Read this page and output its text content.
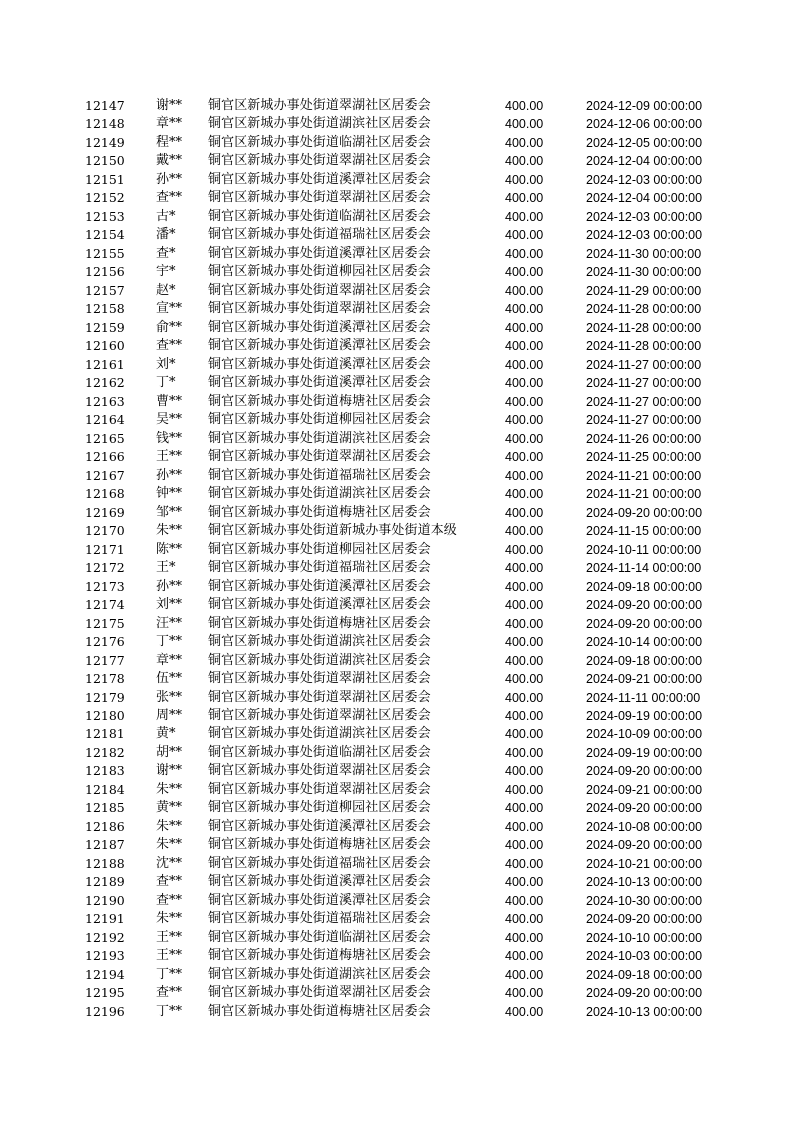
12147 谢** 铜官区新城办事处街道翠湖社区居委会	400.00	2024-12-09 00:00:00
12148 章** 铜官区新城办事处街道湖滨社区居委会	400.00	2024-12-06 00:00:00
12149 程** 铜官区新城办事处街道临湖社区居委会	400.00	2024-12-05 00:00:00
12150 戴** 铜官区新城办事处街道翠湖社区居委会	400.00	2024-12-04 00:00:00
12151 孙** 铜官区新城办事处街道溪潭社区居委会	400.00	2024-12-03 00:00:00
12152 查** 铜官区新城办事处街道翠湖社区居委会	400.00	2024-12-04 00:00:00
12153 古* 铜官区新城办事处街道临湖社区居委会	400.00	2024-12-03 00:00:00
12154 潘* 铜官区新城办事处街道福瑞社区居委会	400.00	2024-12-03 00:00:00
12155 查* 铜官区新城办事处街道溪潭社区居委会	400.00	2024-11-30 00:00:00
12156 宇* 铜官区新城办事处街道柳园社区居委会	400.00	2024-11-30 00:00:00
12157 赵* 铜官区新城办事处街道翠湖社区居委会	400.00	2024-11-29 00:00:00
12158 宣** 铜官区新城办事处街道翠湖社区居委会	400.00	2024-11-28 00:00:00
12159 俞** 铜官区新城办事处街道溪潭社区居委会	400.00	2024-11-28 00:00:00
12160 查** 铜官区新城办事处街道溪潭社区居委会	400.00	2024-11-28 00:00:00
12161 刘* 铜官区新城办事处街道溪潭社区居委会	400.00	2024-11-27 00:00:00
12162 丁* 铜官区新城办事处街道溪潭社区居委会	400.00	2024-11-27 00:00:00
12163 曹** 铜官区新城办事处街道梅塘社区居委会	400.00	2024-11-27 00:00:00
12164 吴** 铜官区新城办事处街道柳园社区居委会	400.00	2024-11-27 00:00:00
12165 钱** 铜官区新城办事处街道湖滨社区居委会	400.00	2024-11-26 00:00:00
12166 王** 铜官区新城办事处街道翠湖社区居委会	400.00	2024-11-25 00:00:00
12167 孙** 铜官区新城办事处街道福瑞社区居委会	400.00	2024-11-21 00:00:00
12168 钟** 铜官区新城办事处街道湖滨社区居委会	400.00	2024-11-21 00:00:00
12169 邹** 铜官区新城办事处街道梅塘社区居委会	400.00	2024-09-20 00:00:00
12170 朱** 铜官区新城办事处街道新城办事处街道本级	400.00	2024-11-15 00:00:00
12171 陈** 铜官区新城办事处街道柳园社区居委会	400.00	2024-10-11 00:00:00
12172 王* 铜官区新城办事处街道福瑞社区居委会	400.00	2024-11-14 00:00:00
12173 孙** 铜官区新城办事处街道溪潭社区居委会	400.00	2024-09-18 00:00:00
12174 刘** 铜官区新城办事处街道溪潭社区居委会	400.00	2024-09-20 00:00:00
12175 汪** 铜官区新城办事处街道梅塘社区居委会	400.00	2024-09-20 00:00:00
12176 丁** 铜官区新城办事处街道湖滨社区居委会	400.00	2024-10-14 00:00:00
12177 章** 铜官区新城办事处街道湖滨社区居委会	400.00	2024-09-18 00:00:00
12178 伍** 铜官区新城办事处街道翠湖社区居委会	400.00	2024-09-21 00:00:00
12179 张** 铜官区新城办事处街道翠湖社区居委会	400.00	2024-11-11 00:00:00
12180 周** 铜官区新城办事处街道翠湖社区居委会	400.00	2024-09-19 00:00:00
12181 黄* 铜官区新城办事处街道湖滨社区居委会	400.00	2024-10-09 00:00:00
12182 胡** 铜官区新城办事处街道临湖社区居委会	400.00	2024-09-19 00:00:00
12183 谢** 铜官区新城办事处街道翠湖社区居委会	400.00	2024-09-20 00:00:00
12184 朱** 铜官区新城办事处街道翠湖社区居委会	400.00	2024-09-21 00:00:00
12185 黄** 铜官区新城办事处街道柳园社区居委会	400.00	2024-09-20 00:00:00
12186 朱** 铜官区新城办事处街道溪潭社区居委会	400.00	2024-10-08 00:00:00
12187 朱** 铜官区新城办事处街道梅塘社区居委会	400.00	2024-09-20 00:00:00
12188 沈** 铜官区新城办事处街道福瑞社区居委会	400.00	2024-10-21 00:00:00
12189 查** 铜官区新城办事处街道溪潭社区居委会	400.00	2024-10-13 00:00:00
12190 查** 铜官区新城办事处街道溪潭社区居委会	400.00	2024-10-30 00:00:00
12191 朱** 铜官区新城办事处街道福瑞社区居委会	400.00	2024-09-20 00:00:00
12192 王** 铜官区新城办事处街道临湖社区居委会	400.00	2024-10-10 00:00:00
12193 王** 铜官区新城办事处街道梅塘社区居委会	400.00	2024-10-03 00:00:00
12194 丁** 铜官区新城办事处街道湖滨社区居委会	400.00	2024-09-18 00:00:00
12195 查** 铜官区新城办事处街道翠湖社区居委会	400.00	2024-09-20 00:00:00
12196 丁** 铜官区新城办事处街道梅塘社区居委会	400.00	2024-10-13 00:00:00
